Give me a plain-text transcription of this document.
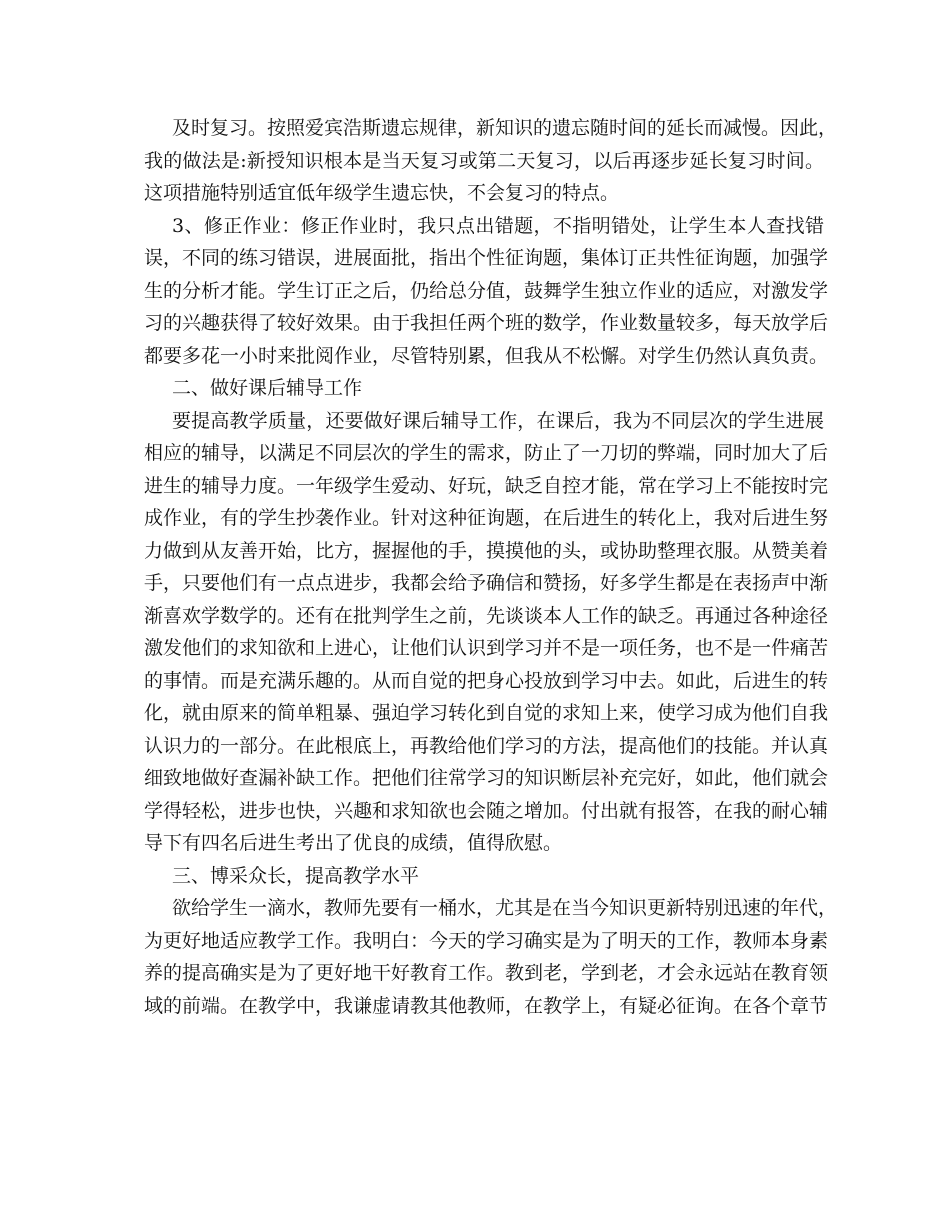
及时复习。按照爱宾浩斯遗忘规律，新知识的遗忘随时间的延长而减慢。因此，
我的做法是:新授知识根本是当天复习或第二天复习，以后再逐步延长复习时间。
这项措施特别适宜低年级学生遗忘快，不会复习的特点。
3、修正作业：修正作业时，我只点出错题，不指明错处，让学生本人查找错
误，不同的练习错误，进展面批，指出个性征询题，集体订正共性征询题，加强学
生的分析才能。学生订正之后，仍给总分值，鼓舞学生独立作业的适应，对激发学
习的兴趣获得了较好效果。由于我担任两个班的数学，作业数量较多，每天放学后
都要多花一小时来批阅作业，尽管特别累，但我从不松懈。对学生仍然认真负责。
二、做好课后辅导工作
要提高教学质量，还要做好课后辅导工作，在课后，我为不同层次的学生进展
相应的辅导，以满足不同层次的学生的需求，防止了一刀切的弊端，同时加大了后
进生的辅导力度。一年级学生爱动、好玩，缺乏自控才能，常在学习上不能按时完
成作业，有的学生抄袭作业。针对这种征询题，在后进生的转化上，我对后进生努
力做到从友善开始，比方，握握他的手，摸摸他的头，或协助整理衣服。从赞美着
手，只要他们有一点点进步，我都会给予确信和赞扬，好多学生都是在表扬声中渐
渐喜欢学数学的。还有在批判学生之前，先谈谈本人工作的缺乏。再通过各种途径
激发他们的求知欲和上进心，让他们认识到学习并不是一项任务，也不是一件痛苦
的事情。而是充满乐趣的。从而自觉的把身心投放到学习中去。如此，后进生的转
化，就由原来的简单粗暴、强迫学习转化到自觉的求知上来，使学习成为他们自我
认识力的一部分。在此根底上，再教给他们学习的方法，提高他们的技能。并认真
细致地做好查漏补缺工作。把他们往常学习的知识断层补充完好，如此，他们就会
学得轻松，进步也快，兴趣和求知欲也会随之增加。付出就有报答，在我的耐心辅
导下有四名后进生考出了优良的成绩，值得欣慰。
三、博采众长，提高教学水平
欲给学生一滴水，教师先要有一桶水，尤其是在当今知识更新特别迅速的年代，
为更好地适应教学工作。我明白：今天的学习确实是为了明天的工作，教师本身素
养的提高确实是为了更好地干好教育工作。教到老，学到老，才会永远站在教育领
域的前端。在教学中，我谦虚请教其他教师，在教学上，有疑必征询。在各个章节
